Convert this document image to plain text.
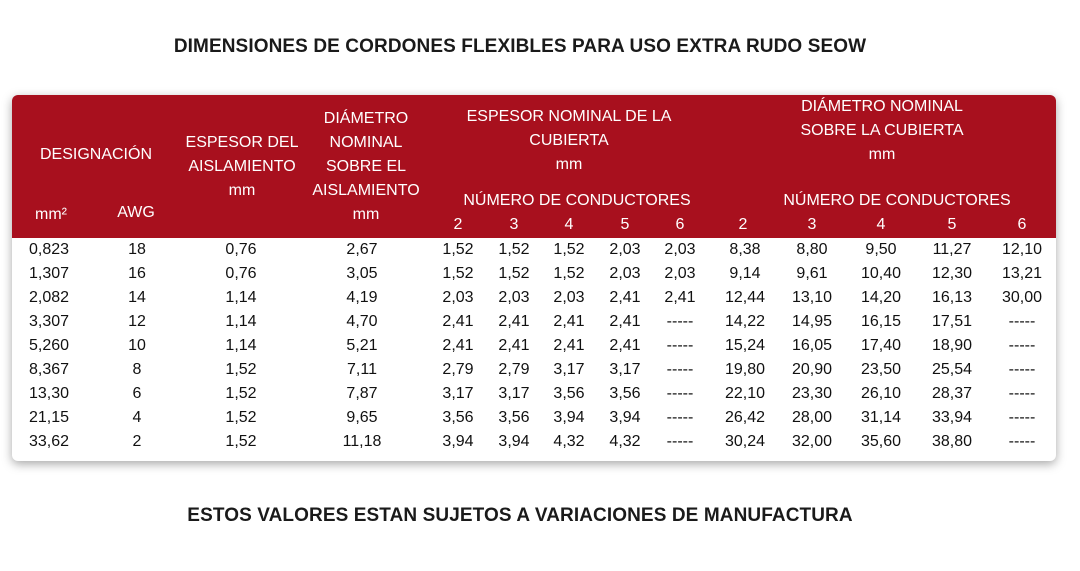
DIMENSIONES DE CORDONES FLEXIBLES PARA USO EXTRA RUDO SEOW
DESIGNACIÓN
mm²	AWG
ESPESOR DEL
AISLAMIENTO
mm
DIÁMETRO
NOMINAL
SOBRE EL
AISLAMIENTO
mm
ESPESOR NOMINAL DE LA
CUBIERTA
mm
DIÁMETRO NOMINAL
SOBRE LA CUBIERTA
mm
NÚMERO DE CONDUCTORES	NÚMERO DE CONDUCTORES
2	3	4	5	6	2	3	4	5	6
0,823	18	0,76	2,67	1,52	1,52	1,52	2,03	2,03	8,38	8,80	9,50	11,27	12,10
1,307	16	0,76	3,05	1,52	1,52	1,52	2,03	2,03	9,14	9,61	10,40	12,30	13,21
2,082	14	1,14	4,19	2,03	2,03	2,03	2,41	2,41	12,44	13,10	14,20	16,13	30,00
3,307	12	1,14	4,70	2,41	2,41	2,41	2,41	-----	14,22	14,95	16,15	17,51	-----
5,260	10	1,14	5,21	2,41	2,41	2,41	2,41	-----	15,24	16,05	17,40	18,90	-----
8,367	8	1,52	7,11	2,79	2,79	3,17	3,17	-----	19,80	20,90	23,50	25,54	-----
13,30	6	1,52	7,87	3,17	3,17	3,56	3,56	-----	22,10	23,30	26,10	28,37	-----
21,15	4	1,52	9,65	3,56	3,56	3,94	3,94	-----	26,42	28,00	31,14	33,94	-----
33,62	2	1,52	11,18	3,94	3,94	4,32	4,32	-----	30,24	32,00	35,60	38,80	-----
ESTOS VALORES ESTAN SUJETOS A VARIACIONES DE MANUFACTURA
